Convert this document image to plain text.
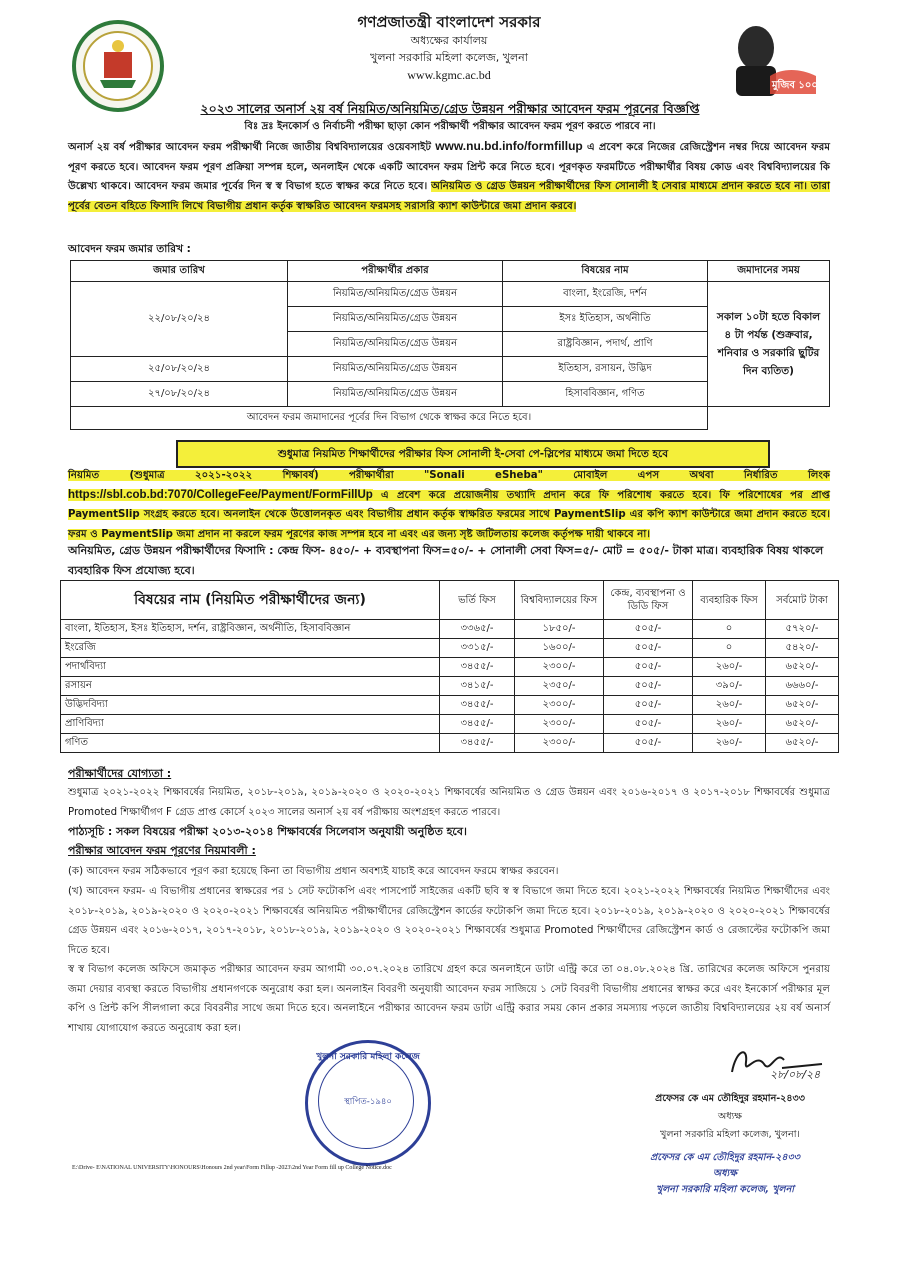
গণপ্রজাতন্ত্রী বাংলাদেশ সরকার
অধ্যক্ষের কার্যালয়
খুলনা সরকারি মহিলা কলেজ, খুলনা
www.kgmc.ac.bd
মুজিব ১০০
২০২৩ সালের অনার্স ২য় বর্ষ নিয়মিত/অনিয়মিত/গ্রেড উন্নয়ন পরীক্ষার আবেদন ফরম পূরনের বিজ্ঞপ্তি
বিঃ দ্রঃ ইনকোর্স ও নির্বাচনী পরীক্ষা ছাড়া কোন পরীক্ষার্থী পরীক্ষার আবেদন ফরম পূরণ করতে পারবে না।
অনার্স ২য় বর্ষ পরীক্ষার আবেদন ফরম পরীক্ষার্থী নিজে জাতীয় বিশ্ববিদ্যালয়ের ওয়েবসাইট www.nu.bd.info/formfillup এ প্রবেশ করে নিজের রেজিস্ট্রেশন নম্বর দিয়ে আবেদন ফরম পূরণ করতে হবে। আবেদন ফরম পূরণ প্রক্রিয়া সম্পন্ন হলে, অনলাইন থেকে একটি আবেদন ফরম প্রিন্ট করে নিতে হবে। পূরণকৃত ফরমটিতে পরীক্ষার্থীর বিষয় কোড এবং বিশ্ববিদ্যালয়ের কি উল্লেখ্য থাকবে। আবেদন ফরম জমার পূর্বের দিন স্ব স্ব বিভাগ হতে স্বাক্ষর করে নিতে হবে। অনিয়মিত ও গ্রেড উন্নয়ন পরীক্ষার্থীদের ফিস সোনালী ই সেবার মাধ্যমে প্রদান করতে হবে না। তারা পূর্বের বেতন বহিতে ফিসাদি লিখে বিভাগীয় প্রধান কর্তৃক স্বাক্ষরিত আবেদন ফরমসহ সরাসরি ক্যাশ কাউন্টারে জমা প্রদান করবে।
আবেদন ফরম জমার তারিখ :
জমার তারিখ	পরীক্ষার্থীর প্রকার	বিষয়ের নাম	জমাদানের সময়
২২/০৮/২০/২৪	নিয়মিত/অনিয়মিত/গ্রেড উন্নয়ন	বাংলা, ইংরেজি, দর্শন	সকাল ১০টা হতে বিকাল ৪ টা পর্যন্ত (শুক্রবার, শনিবার ও সরকারি ছুটির দিন ব্যতিত)
	নিয়মিত/অনিয়মিত/গ্রেড উন্নয়ন	ইসঃ ইতিহাস, অর্থনীতি	
	নিয়মিত/অনিয়মিত/গ্রেড উন্নয়ন	রাষ্ট্রবিজ্ঞান, পদার্থ, প্রাণি	
২৫/০৮/২০/২৪	নিয়মিত/অনিয়মিত/গ্রেড উন্নয়ন	ইতিহাস, রসায়ন, উদ্ভিদ	
২৭/০৮/২০/২৪	নিয়মিত/অনিয়মিত/গ্রেড উন্নয়ন	হিসাববিজ্ঞান, গণিত	
আবেদন ফরম জমাদানের পূর্বের দিন বিভাগ থেকে স্বাক্ষর করে নিতে হবে।			
শুধুমাত্র নিয়মিত শিক্ষার্থীদের পরীক্ষার ফিস সোনালী ই-সেবা পে-স্লিপের মাধ্যমে জমা দিতে হবে
নিয়মিত (শুধুমাত্র ২০২১-২০২২ শিক্ষাবর্ষ) পরীক্ষার্থীরা "Sonali eSheba" মোবাইল এপস অথবা নির্ধারিত লিংক https://sbl.cob.bd:7070/CollegeFee/Payment/FormFillUp এ প্রবেশ করে প্রয়োজনীয় তথ্যাদি প্রদান করে ফি পরিশোধ করতে হবে। ফি পরিশোধের পর প্রাপ্ত PaymentSlip সংগ্রহ করতে হবে। অনলাইন থেকে উত্তোলনকৃত এবং বিভাগীয় প্রধান কর্তৃক স্বাক্ষরিত ফরমের সাথে PaymentSlip এর কপি ক্যাশ কাউন্টারে জমা প্রদান করতে হবে। ফরম ও PaymentSlip জমা প্রদান না করলে ফরম পূরণের কাজ সম্পন্ন হবে না এবং এর জন্য সৃষ্ট জটিলতায় কলেজ কর্তৃপক্ষ দায়ী থাকবে না।
অনিয়মিত, গ্রেড উন্নয়ন পরীক্ষার্থীদের ফিসাদি : কেন্দ্র ফিস- ৪৫০/- + ব্যবস্থাপনা ফিস=৫০/- + সোনালী সেবা ফিস=৫/- মোট = ৫০৫/- টাকা মাত্র। ব্যবহারিক বিষয় থাকলে ব্যবহারিক ফিস প্রযোজ্য হবে।
বিষয়ের নাম (নিয়মিত পরীক্ষার্থীদের জন্য)	ভর্তি ফিস	বিশ্ববিদ্যালয়ের ফিস	কেন্দ্র, ব্যবস্থাপনা ও ডিডি ফিস	ব্যবহারিক ফিস	সর্বমোট টাকা
বাংলা, ইতিহাস, ইসঃ ইতিহাস, দর্শন, রাষ্ট্রবিজ্ঞান, অর্থনীতি, হিসাববিজ্ঞান	৩৩৬৫/-	১৮৫০/-	৫০৫/-	০	৫৭২০/-
ইংরেজি	৩৩১৫/-	১৬০০/-	৫০৫/-	০	৫৪২০/-
পদার্থবিদ্যা	৩৪৫৫/-	২৩০০/-	৫০৫/-	২৬০/-	৬৫২০/-
রসায়ন	৩৪১৫/-	২৩৫০/-	৫০৫/-	৩৯০/-	৬৬৬০/-
উদ্ভিদবিদ্যা	৩৪৫৫/-	২৩০০/-	৫০৫/-	২৬০/-	৬৫২০/-
প্রাণিবিদ্যা	৩৪৫৫/-	২৩০০/-	৫০৫/-	২৬০/-	৬৫২০/-
গণিত	৩৪৫৫/-	২৩০০/-	৫০৫/-	২৬০/-	৬৫২০/-
পরীক্ষার্থীদের যোগ্যতা :
শুধুমাত্র ২০২১-২০২২ শিক্ষাবর্ষের নিয়মিত, ২০১৮-২০১৯, ২০১৯-২০২০ ও ২০২০-২০২১ শিক্ষাবর্ষের অনিয়মিত ও গ্রেড উন্নয়ন এবং ২০১৬-২০১৭ ও ২০১৭-২০১৮ শিক্ষাবর্ষের শুধুমাত্র Promoted শিক্ষার্থীগণ F গ্রেড প্রাপ্ত কোর্সে ২০২৩ সালের অনার্স ২য় বর্ষ পরীক্ষায় অংশগ্রহণ করতে পারবে।
পাঠ্যসূচি : সকল বিষয়ের পরীক্ষা ২০১৩-২০১৪ শিক্ষাবর্ষের সিলেবাস অনুযায়ী অনুষ্ঠিত হবে।
পরীক্ষার আবেদন ফরম পূরণের নিয়মাবলী :
(ক) আবেদন ফরম সঠিকভাবে পূরণ করা হয়েছে কিনা তা বিভাগীয় প্রধান অবশ্যই যাচাই করে আবেদন ফরমে স্বাক্ষর করবেন।
(খ) আবেদন ফরম- এ বিভাগীয় প্রধানের স্বাক্ষরের পর ১ সেট ফটোকপি এবং পাসপোর্ট সাইজের একটি ছবি স্ব স্ব বিভাগে জমা দিতে হবে। ২০২১-২০২২ শিক্ষাবর্ষের নিয়মিত শিক্ষার্থীদের এবং ২০১৮-২০১৯, ২০১৯-২০২০ ও ২০২০-২০২১ শিক্ষাবর্ষের অনিয়মিত পরীক্ষার্থীদের রেজিস্ট্রেশন কার্ডের ফটোকপি জমা দিতে হবে। ২০১৮-২০১৯, ২০১৯-২০২০ ও ২০২০-২০২১ শিক্ষাবর্ষের গ্রেড উন্নয়ন এবং ২০১৬-২০১৭, ২০১৭-২০১৮, ২০১৮-২০১৯, ২০১৯-২০২০ ও ২০২০-২০২১ শিক্ষাবর্ষের শুধুমাত্র Promoted শিক্ষার্থীদের রেজিস্ট্রেশন কার্ড ও রেজাল্টের ফটোকপি জমা দিতে হবে।
স্ব স্ব বিভাগ কলেজ অফিসে জমাকৃত পরীক্ষার আবেদন ফরম আগামী ৩০.০৭.২০২৪ তারিখে গ্রহণ করে অনলাইনে ডাটা এন্ট্রি করে তা ০৪.০৮.২০২৪ খ্রি. তারিখের কলেজ অফিসে পুনরায় জমা দেয়ার ব্যবস্থা করতে বিভাগীয় প্রধানগণকে অনুরোধ করা হল। অনলাইন বিবরণী অনুযায়ী আবেদন ফরম সাজিয়ে ১ সেট বিবরণী বিভাগীয় প্রধানের স্বাক্ষর করে এবং ইনকোর্স পরীক্ষার মূল কপি ও প্রিন্ট কপি সীলগালা করে বিবরনীর সাথে জমা দিতে হবে। অনলাইনে পরীক্ষার আবেদন ফরম ডাটা এন্ট্রি করার সময় কোন প্রকার সমস্যায় পড়লে জাতীয় বিশ্ববিদ্যালয়ের ২য় বর্ষ অনার্স শাখায় যোগাযোগ করতে অনুরোধ করা হল।
খুলনা সরকারি মহিলা কলেজ
স্থাপিত-১৯৪০
২৮/০৮/২৪
প্রফেসর কে এম তৌহিদুর রহমান-২৪৩৩
অধ্যক্ষ
খুলনা সরকারি মহিলা কলেজ, খুলনা।
প্রফেসর কে এম তৌহিদুর রহমান-২৪৩৩
অধ্যক্ষ
খুলনা সরকারি মহিলা কলেজ, খুলনা
E:\Drive- E\NATIONAL UNIVERSITY\HONOURS\Honours 2nd year\Form Fillup -2023\2nd Year Form fill up College Notice.doc
